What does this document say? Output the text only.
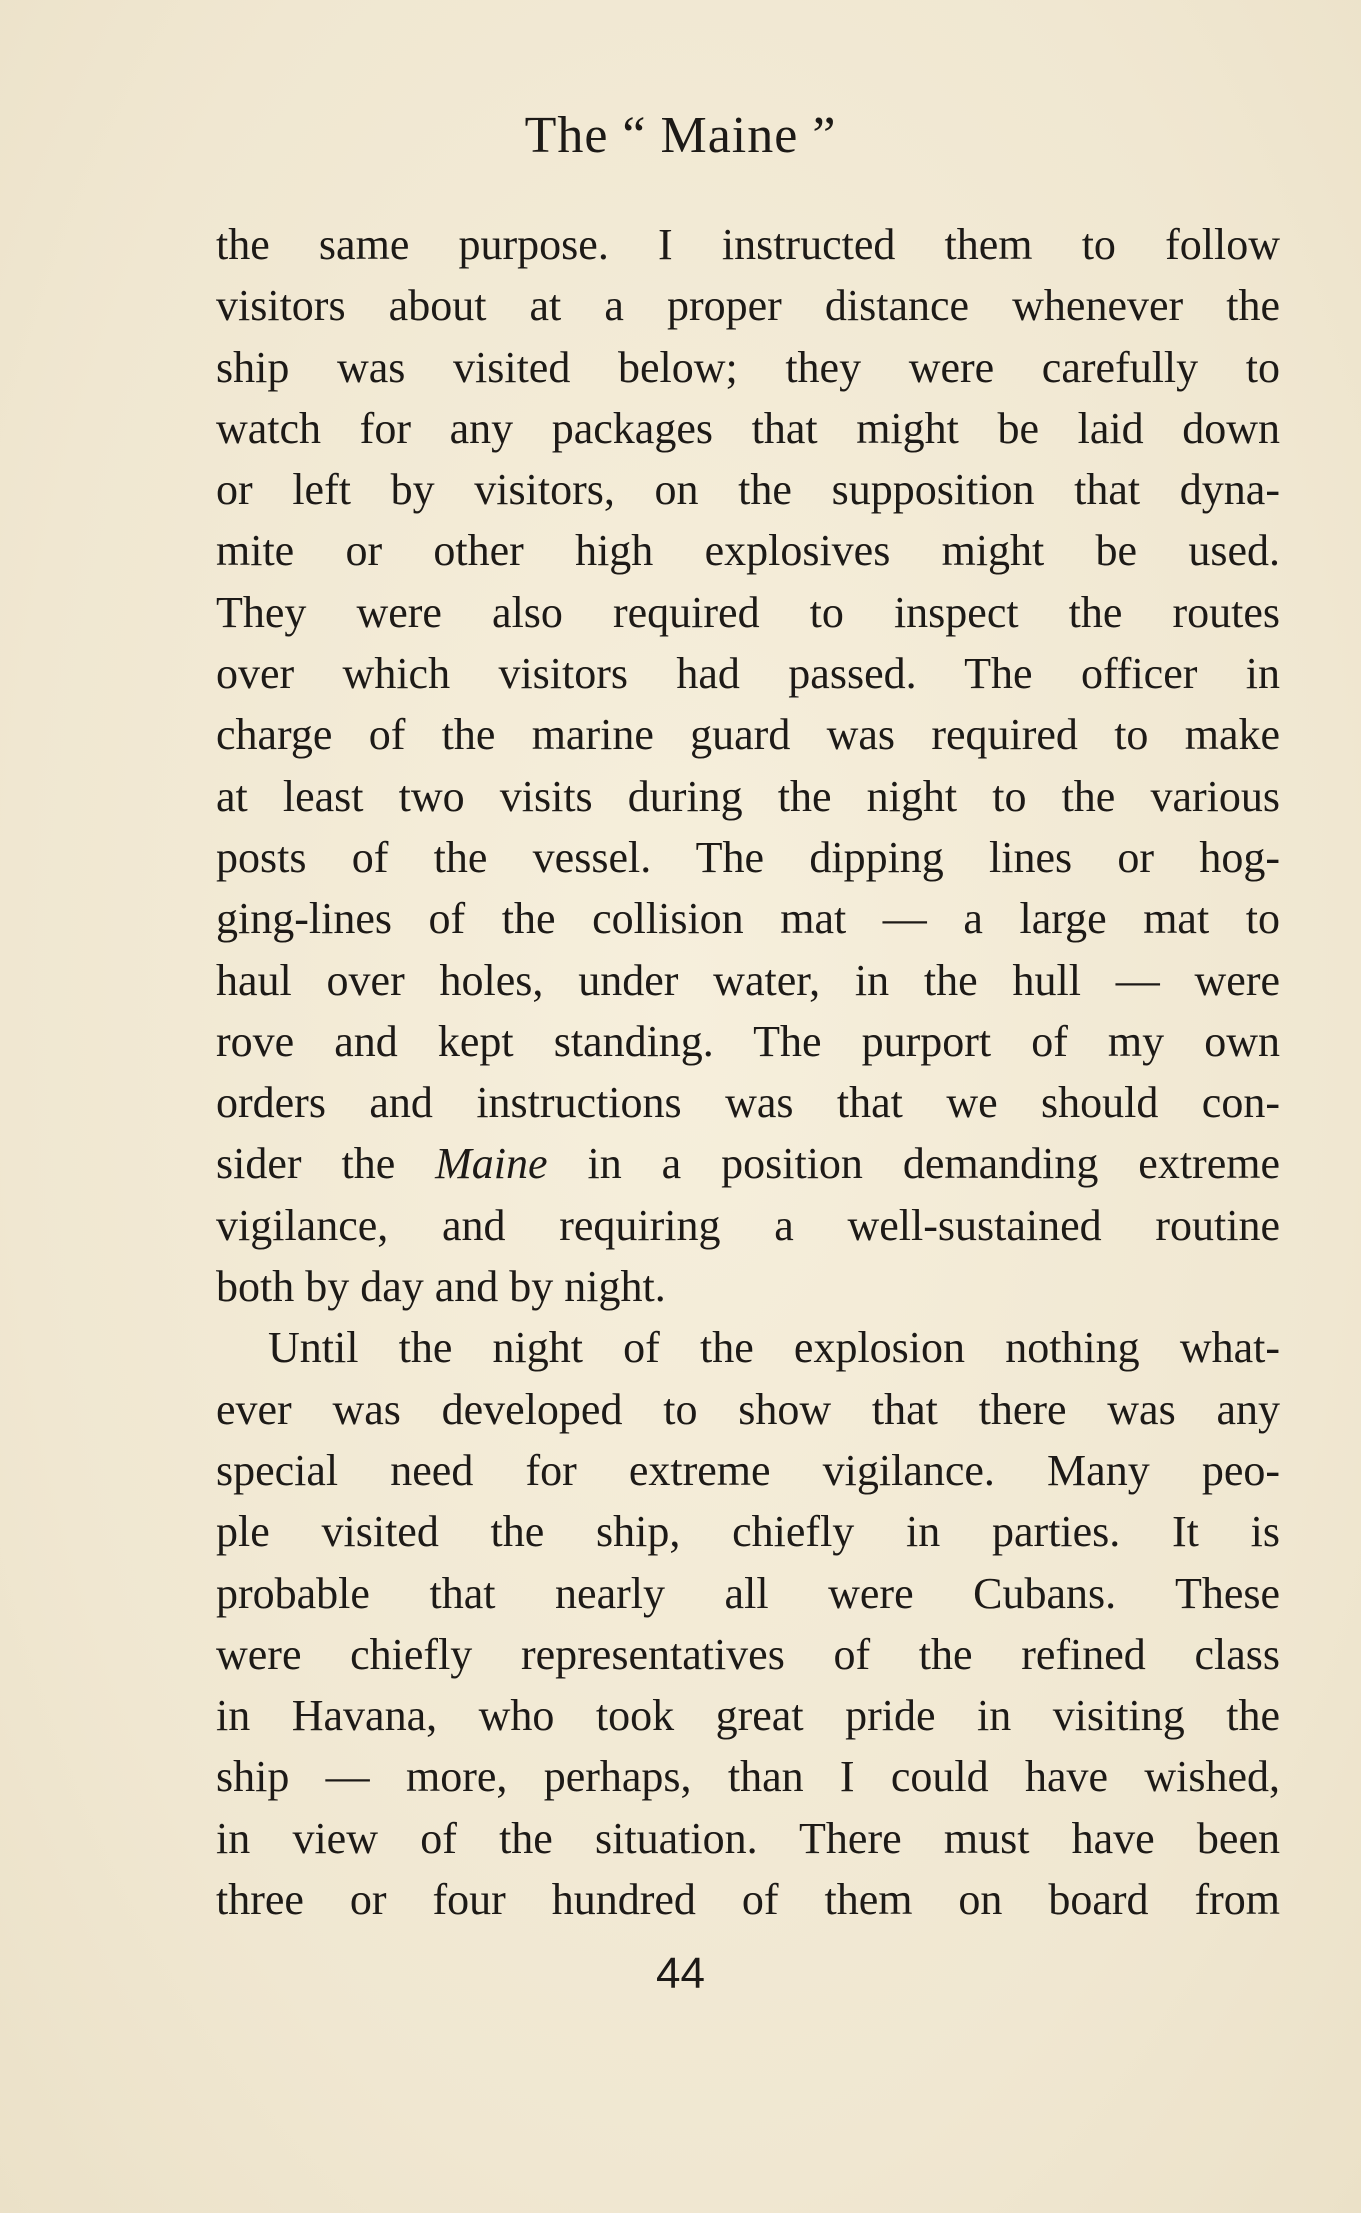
The “ Maine ”
the same purpose. I instructed them to follow
visitors about at a proper distance whenever the
ship was visited below; they were carefully to
watch for any packages that might be laid down
or left by visitors, on the supposition that dyna-
mite or other high explosives might be used.
They were also required to inspect the routes
over which visitors had passed. The officer in
charge of the marine guard was required to make
at least two visits during the night to the various
posts of the vessel. The dipping lines or hog-
ging-lines of the collision mat — a large mat to
haul over holes, under water, in the hull — were
rove and kept standing. The purport of my own
orders and instructions was that we should con-
sider the Maine in a position demanding extreme
vigilance, and requiring a well-sustained routine
both by day and by night.
Until the night of the explosion nothing what-
ever was developed to show that there was any
special need for extreme vigilance. Many peo-
ple visited the ship, chiefly in parties. It is
probable that nearly all were Cubans. These
were chiefly representatives of the refined class
in Havana, who took great pride in visiting the
ship — more, perhaps, than I could have wished,
in view of the situation. There must have been
three or four hundred of them on board from
44
